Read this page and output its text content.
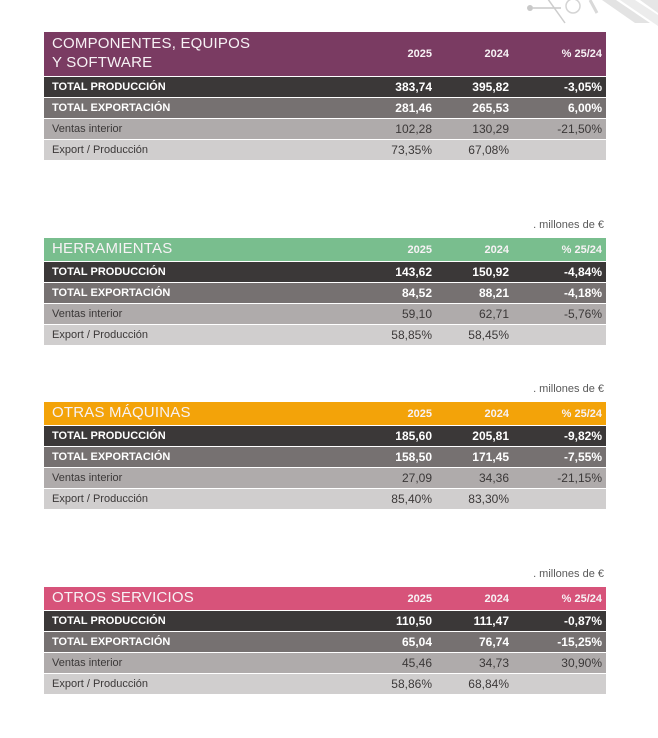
COMPONENTES, EQUIPOS Y SOFTWARE	2025	2024	% 25/24
TOTAL PRODUCCIÓN	383,74	395,82	-3,05%
TOTAL EXPORTACIÓN	281,46	265,53	6,00%
Ventas interior	102,28	130,29	-21,50%
Export / Producción	73,35%	67,08%
. millones de €
HERRAMIENTAS	2025	2024	% 25/24
TOTAL PRODUCCIÓN	143,62	150,92	-4,84%
TOTAL EXPORTACIÓN	84,52	88,21	-4,18%
Ventas interior	59,10	62,71	-5,76%
Export / Producción	58,85%	58,45%
. millones de €
OTRAS MÁQUINAS	2025	2024	% 25/24
TOTAL PRODUCCIÓN	185,60	205,81	-9,82%
TOTAL EXPORTACIÓN	158,50	171,45	-7,55%
Ventas interior	27,09	34,36	-21,15%
Export / Producción	85,40%	83,30%
. millones de €
OTROS SERVICIOS	2025	2024	% 25/24
TOTAL PRODUCCIÓN	110,50	111,47	-0,87%
TOTAL EXPORTACIÓN	65,04	76,74	-15,25%
Ventas interior	45,46	34,73	30,90%
Export / Producción	58,86%	68,84%
